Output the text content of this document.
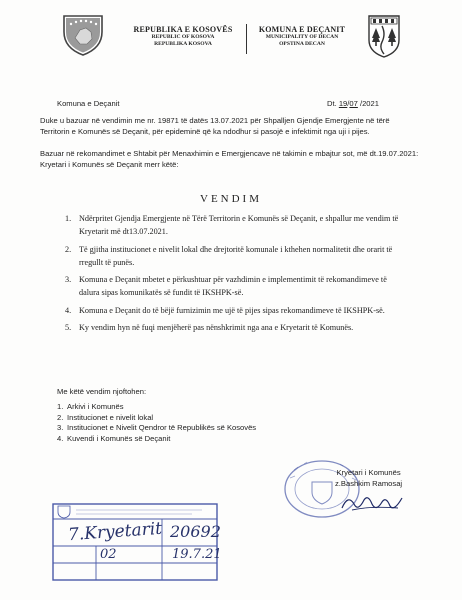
REPUBLIKA E KOSOVËS
REPUBLIC OF KOSOVA
REPUBLIKA KOSOVA
KOMUNA E DEÇANIT
MUNICIPALITY OF DECAN
OPSTINA DECAN
Komuna e Deçanit	Dt. 19/07 /2021
Duke u bazuar në vendimin me nr. 19871 të datës 13.07.2021 për Shpalljen Gjendje Emergjente në tërë Territorin e Komunës së Deçanit, për epideminë që ka ndodhur si pasojë e infektimit nga uji i pijes.
Bazuar në rekomandimet e Shtabit për Menaxhimin e Emergjencave në takimin e mbajtur sot, më dt.19.07.2021: Kryetari i Komunës së Deçanit merr këtë:
VENDIM
1. Ndërpritet Gjendja Emergjente në Tërë Territorin e Komunës së Deçanit, e shpallur me vendim të Kryetarit më dt13.07.2021.
2. Të gjitha institucionet e nivelit lokal dhe drejtoritë komunale i kthehen normalitetit dhe orarit të rregullt të punës.
3. Komuna e Deçanit mbetet e përkushtuar për vazhdimin e implementimit të rekomandimeve të dalura sipas komunikatës së fundit të IKSHPK-së.
4. Komuna e Deçanit do të bëjë furnizimin me ujë të pijes sipas rekomandimeve të IKSHPK-së.
5. Ky vendim hyn në fuqi menjëherë pas nënshkrimit nga ana e Kryetarit të Komunës.
Me këtë vendim njoftohen:
1. Arkivi i Komunës
2. Institucionet e nivelit lokal
3. Institucionet e Nivelit Qendror të Republikës së Kosovës
4. Kuvendi i Komunës së Deçanit
Kryetari i Komunës
z.Bashkim Ramosaj
7.Kryetarit 20692
02	19.7.21
